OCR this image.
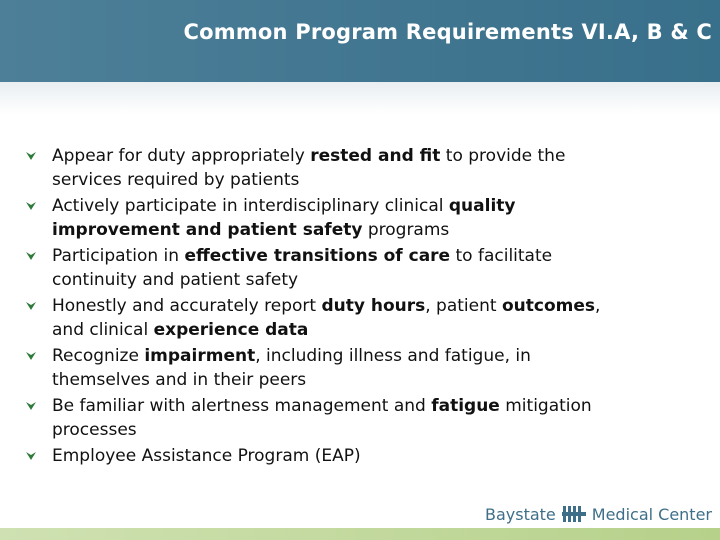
Common Program Requirements VI.A, B & C
Appear for duty appropriately rested and fit to provide the
services required by patients
Actively participate in interdisciplinary clinical quality
improvement and patient safety programs
Participation in effective transitions of care to facilitate
continuity and patient safety
Honestly and accurately report duty hours, patient outcomes,
and clinical experience data
Recognize impairment, including illness and fatigue, in
themselves and in their peers
Be familiar with alertness management and fatigue mitigation
processes
Employee Assistance Program (EAP)
Baystate Medical Center
